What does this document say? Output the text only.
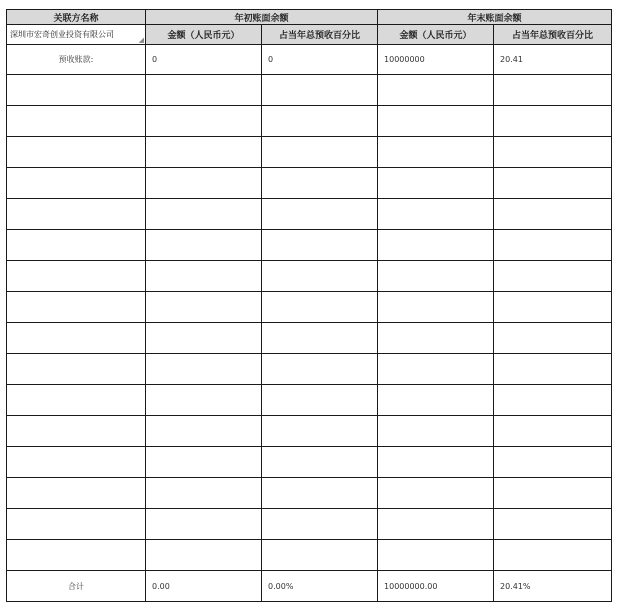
关联方名称	年初账面余额		年末账面余额	
深圳市宏奇创业投资有限公司
◢	金额（人民币元）	占当年总预收百分比	金额（人民币元）	占当年总预收百分比
预收账款:	0	0	10000000	20.41

合计	0.00	0.00%	10000000.00	20.41%
